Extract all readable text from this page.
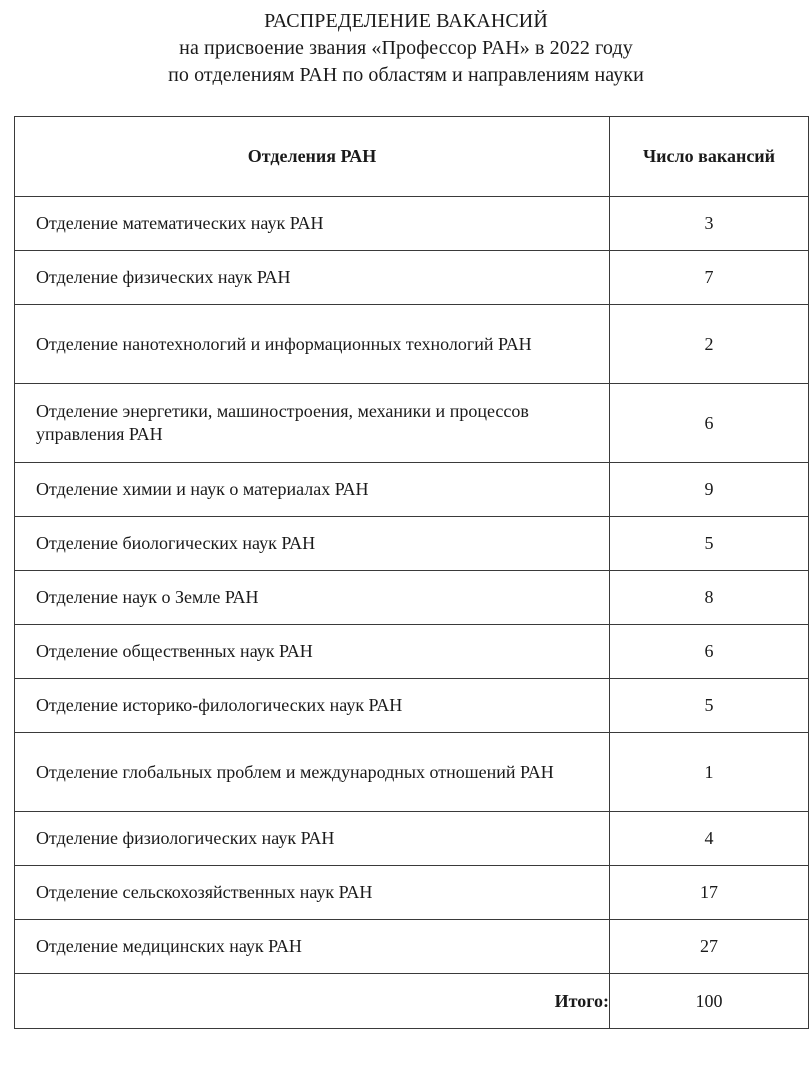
РАСПРЕДЕЛЕНИЕ ВАКАНСИЙ
на присвоение звания «Профессор РАН» в 2022 году
по отделениям РАН по областям и направлениям науки
Отделения РАН	Число вакансий
Отделение математических наук РАН	3
Отделение физических наук РАН	7
Отделение нанотехнологий и информационных технологий РАН	2
Отделение энергетики, машиностроения, механики и процессов управления РАН	6
Отделение химии и наук о материалах РАН	9
Отделение биологических наук РАН	5
Отделение наук о Земле РАН	8
Отделение общественных наук РАН	6
Отделение историко-филологических наук РАН	5
Отделение глобальных проблем и международных отношений РАН	1
Отделение физиологических наук РАН	4
Отделение сельскохозяйственных наук РАН	17
Отделение медицинских наук РАН	27
Итого:	100
